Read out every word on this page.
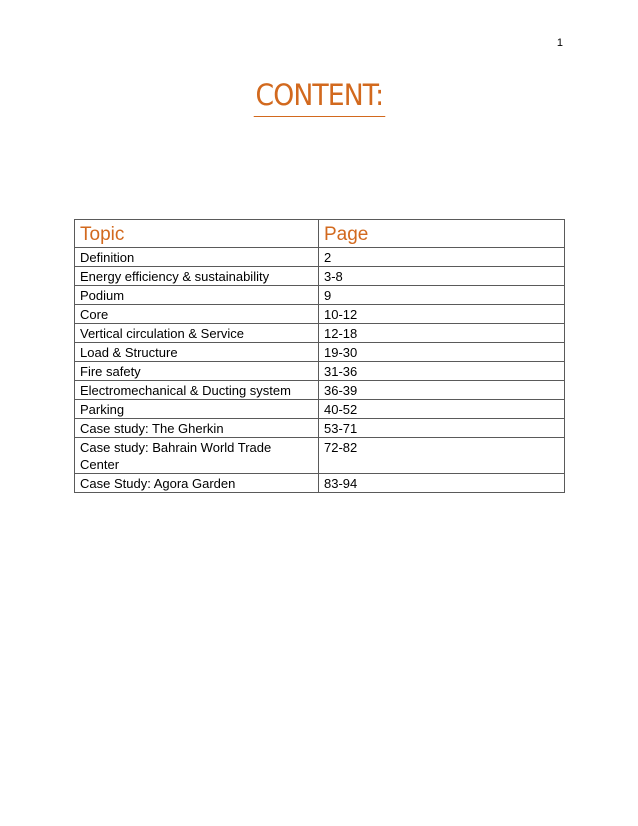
1
CONTENT:
Topic	Page
Definition	2
Energy efficiency & sustainability	3-8
Podium	9
Core	10-12
Vertical circulation & Service	12-18
Load & Structure	19-30
Fire safety	31-36
Electromechanical & Ducting system	36-39
Parking	40-52
Case study: The Gherkin	53-71
Case study: Bahrain World Trade Center	72-82
Case Study: Agora Garden	83-94
